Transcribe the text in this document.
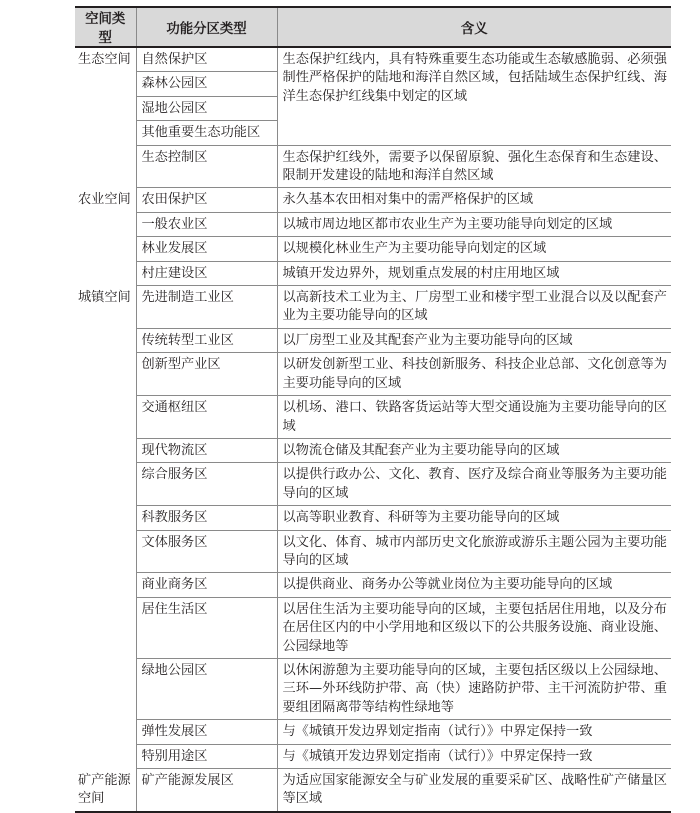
空间类型	功能分区类型	含义
生态空间	自然保护区	生态保护红线内，具有特殊重要生态功能或生态敏感脆弱、必须强制性严格保护的陆地和海洋自然区域，包括陆域生态保护红线、海洋生态保护红线集中划定的区域
	森林公园区	
	湿地公园区	
	其他重要生态功能区	
	生态控制区	生态保护红线外，需要予以保留原貌、强化生态保育和生态建设、限制开发建设的陆地和海洋自然区域
农业空间	农田保护区	永久基本农田相对集中的需严格保护的区域
	一般农业区	以城市周边地区都市农业生产为主要功能导向划定的区域
	林业发展区	以规模化林业生产为主要功能导向划定的区域
	村庄建设区	城镇开发边界外，规划重点发展的村庄用地区域
城镇空间	先进制造工业区	以高新技术工业为主、厂房型工业和楼宇型工业混合以及以配套产业为主要功能导向的区域
	传统转型工业区	以厂房型工业及其配套产业为主要功能导向的区域
	创新型产业区	以研发创新型工业、科技创新服务、科技企业总部、文化创意等为主要功能导向的区域
	交通枢纽区	以机场、港口、铁路客货运站等大型交通设施为主要功能导向的区域
	现代物流区	以物流仓储及其配套产业为主要功能导向的区域
	综合服务区	以提供行政办公、文化、教育、医疗及综合商业等服务为主要功能导向的区域
	科教服务区	以高等职业教育、科研等为主要功能导向的区域
	文体服务区	以文化、体育、城市内部历史文化旅游或游乐主题公园为主要功能导向的区域
	商业商务区	以提供商业、商务办公等就业岗位为主要功能导向的区域
	居住生活区	以居住生活为主要功能导向的区域，主要包括居住用地，以及分布在居住区内的中小学用地和区级以下的公共服务设施、商业设施、公园绿地等
	绿地公园区	以休闲游憩为主要功能导向的区域，主要包括区级以上公园绿地、三环—外环线防护带、高（快）速路防护带、主干河流防护带、重要组团隔离带等结构性绿地等
	弹性发展区	与《城镇开发边界划定指南（试行）》中界定保持一致
	特别用途区	与《城镇开发边界划定指南（试行）》中界定保持一致

矿产能源空间	矿产能源发展区	为适应国家能源安全与矿业发展的重要采矿区、战略性矿产储量区等区域
